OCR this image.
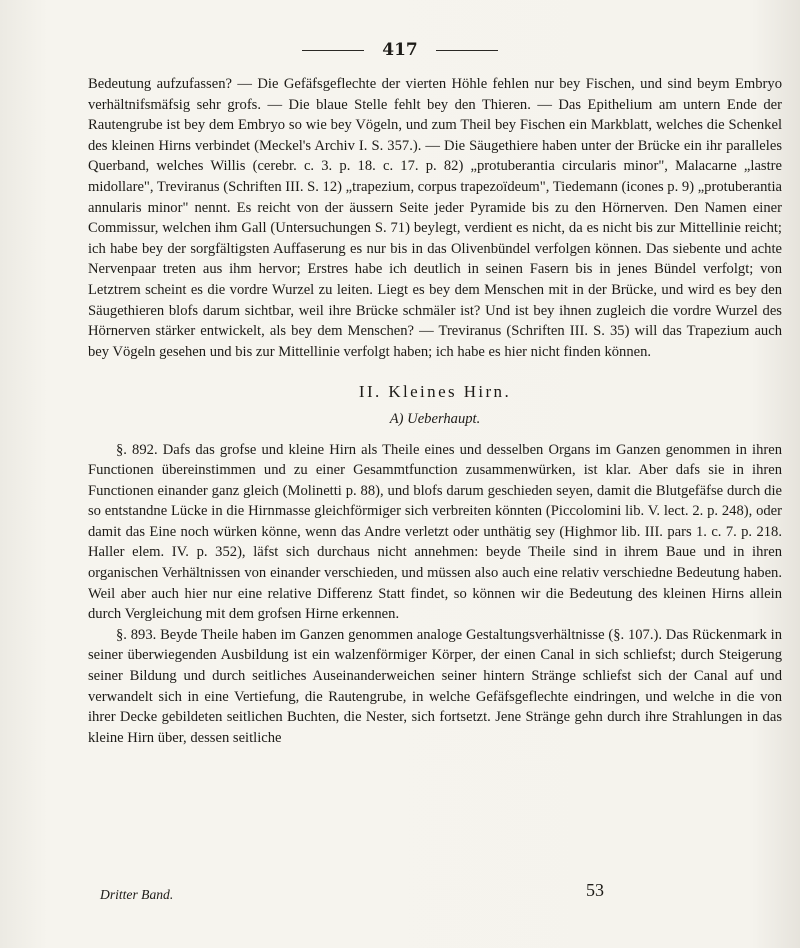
417

Bedeutung aufzufassen? — Die Gefäfsgeflechte der vierten Höhle fehlen nur bey Fischen, und sind beym Embryo verhältnifsmäfsig sehr grofs. — Die blaue Stelle fehlt bey den Thieren. — Das Epithelium am untern Ende der Rautengrube ist bey dem Embryo so wie bey Vögeln, und zum Theil bey Fischen ein Markblatt, welches die Schenkel des kleinen Hirns verbindet (Meckel's Archiv I. S. 357.). — Die Säugethiere haben unter der Brücke ein ihr paralleles Querband, welches Willis (cerebr. c. 3. p. 18. c. 17. p. 82) „protuberantia circularis minor", Malacarne „lastre midollare", Treviranus (Schriften III. S. 12) „trapezium, corpus trapezoïdeum", Tiedemann (icones p. 9) „protuberantia annularis minor" nennt. Es reicht von der äussern Seite jeder Pyramide bis zu den Hörnerven. Den Namen einer Commissur, welchen ihm Gall (Untersuchungen S. 71) beylegt, verdient es nicht, da es nicht bis zur Mittellinie reicht; ich habe bey der sorgfältigsten Auffaserung es nur bis in das Olivenbündel verfolgen können. Das siebente und achte Nervenpaar treten aus ihm hervor; Erstres habe ich deutlich in seinen Fasern bis in jenes Bündel verfolgt; von Letztrem scheint es die vordre Wurzel zu leiten. Liegt es bey dem Menschen mit in der Brücke, und wird es bey den Säugethieren blofs darum sichtbar, weil ihre Brücke schmäler ist? Und ist bey ihnen zugleich die vordre Wurzel des Hörnerven stärker entwickelt, als bey dem Menschen? — Treviranus (Schriften III. S. 35) will das Trapezium auch bey Vögeln gesehen und bis zur Mittellinie verfolgt haben; ich habe es hier nicht finden können.

II. Kleines Hirn.
A) Ueberhaupt.

§. 892. Dafs das grofse und kleine Hirn als Theile eines und desselben Organs im Ganzen genommen in ihren Functionen übereinstimmen und zu einer Gesammtfunction zusammenwürken, ist klar. Aber dafs sie in ihren Functionen einander ganz gleich (Molinetti p. 88), und blofs darum geschieden seyen, damit die Blutgefäfse durch die so entstandne Lücke in die Hirnmasse gleichförmiger sich verbreiten könnten (Piccolomini lib. V. lect. 2. p. 248), oder damit das Eine noch würken könne, wenn das Andre verletzt oder unthätig sey (Highmor lib. III. pars 1. c. 7. p. 218. Haller elem. IV. p. 352), läfst sich durchaus nicht annehmen: beyde Theile sind in ihrem Baue und in ihren organischen Verhältnissen von einander verschieden, und müssen also auch eine relativ verschiedne Bedeutung haben. Weil aber auch hier nur eine relative Differenz Statt findet, so können wir die Bedeutung des kleinen Hirns allein durch Vergleichung mit dem grofsen Hirne erkennen.

§. 893. Beyde Theile haben im Ganzen genommen analoge Gestaltungsverhältnisse (§. 107.). Das Rückenmark in seiner überwiegenden Ausbildung ist ein walzenförmiger Körper, der einen Canal in sich schliefst; durch Steigerung seiner Bildung und durch seitliches Auseinanderweichen seiner hintern Stränge schliefst sich der Canal auf und verwandelt sich in eine Vertiefung, die Rautengrube, in welche Gefäfsgeflechte eindringen, und welche in die von ihrer Decke gebildeten seitlichen Buchten, die Nester, sich fortsetzt. Jene Stränge gehn durch ihre Strahlungen in das kleine Hirn über, dessen seitliche

Dritter Band.	53
